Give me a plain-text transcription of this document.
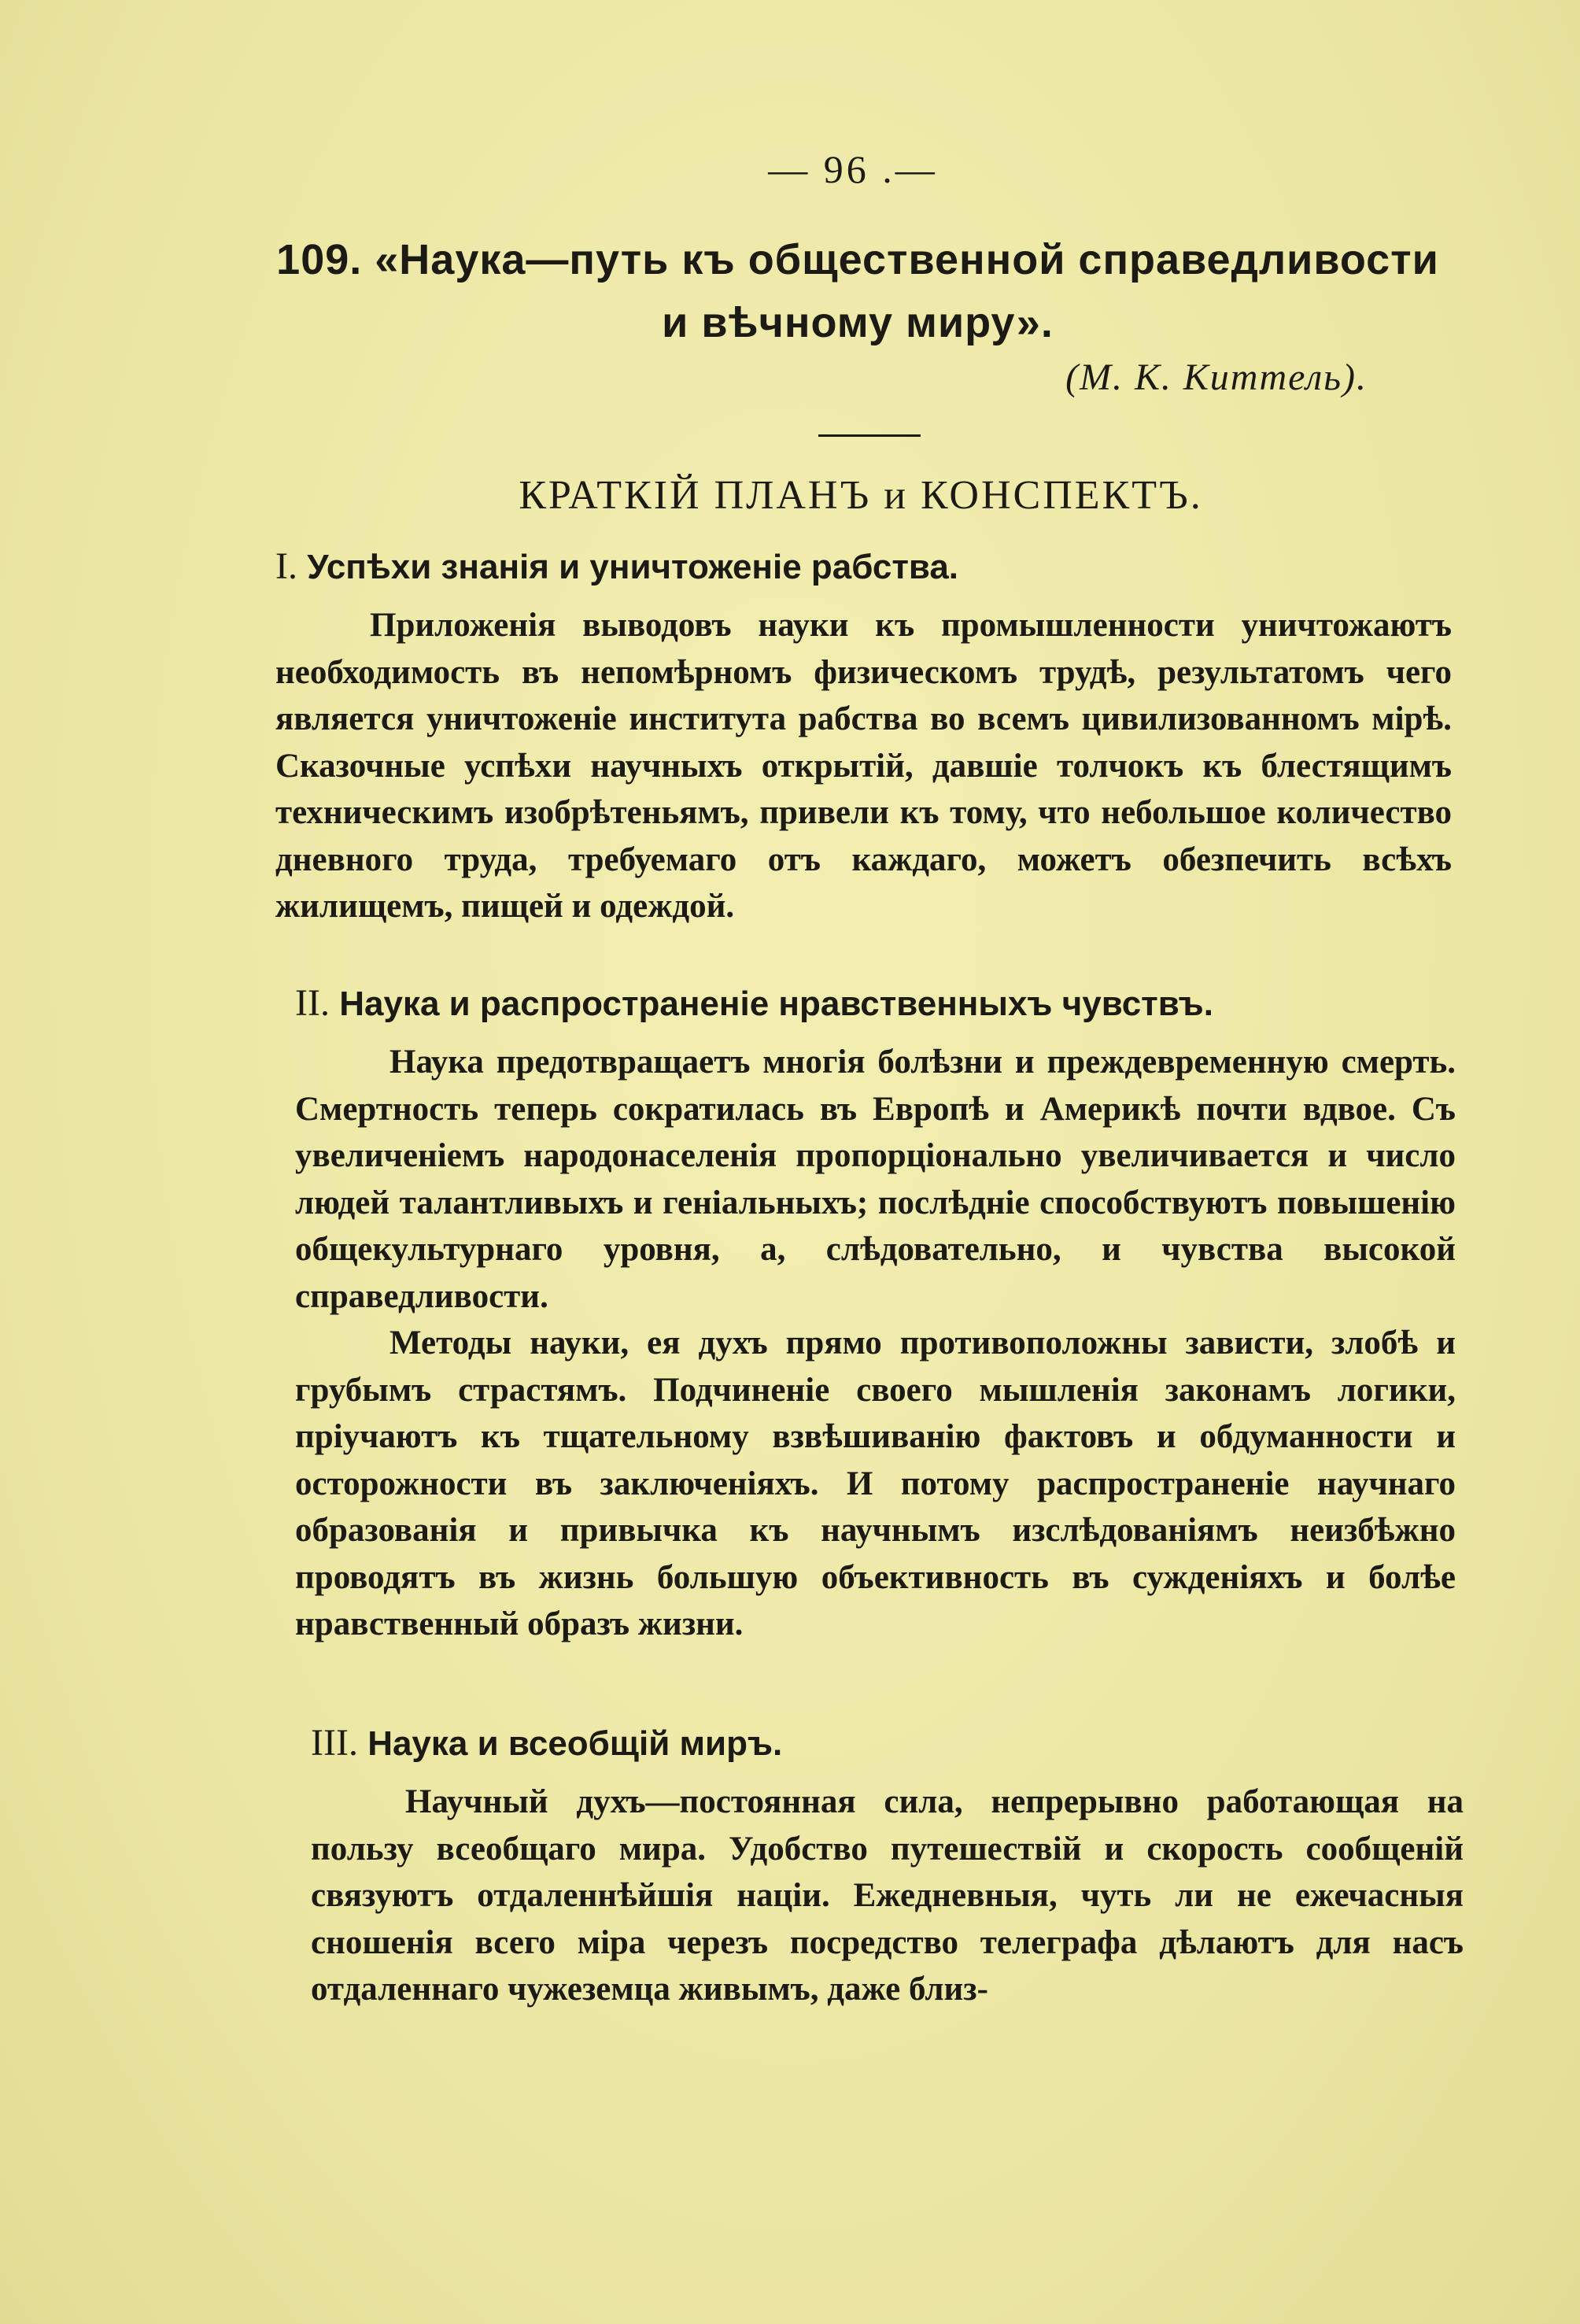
— 96 .—
109. «Наука—путь къ общественной справедливости и вѣчному миру».
(М. К. Киттель).
КРАТКІЙ ПЛАНЪ и КОНСПЕКТЪ.
I. Успѣхи знанія и уничтоженіе рабства.

Приложенія выводовъ науки къ промышленности уничтожаютъ необходимость въ непомѣрномъ физическомъ трудѣ, результатомъ чего является уничтоженіе института рабства во всемъ цивилизованномъ мірѣ. Сказочные успѣхи научныхъ открытій, давшіе толчокъ къ блестящимъ техническимъ изобрѣтеньямъ, привели къ тому, что небольшое количество дневного труда, требуемаго отъ каждаго, можетъ обезпечить всѣхъ жилищемъ, пищей и одеждой.

II. Наука и распространеніе нравственныхъ чувствъ.

Наука предотвращаетъ многія болѣзни и преждевременную смерть. Смертность теперь сократилась въ Европѣ и Америкѣ почти вдвое. Съ увеличеніемъ народонаселенія пропорціонально увеличивается и число людей талантливыхъ и геніальныхъ; послѣдніе способствуютъ повышенію общекультурнаго уровня, а, слѣдовательно, и чувства высокой справедливости.

Методы науки, ея духъ прямо противоположны зависти, злобѣ и грубымъ страстямъ. Подчиненіе своего мышленія законамъ логики, пріучаютъ къ тщательному взвѣшиванію фактовъ и обдуманности и осторожности въ заключеніяхъ. И потому распространеніе научнаго образованія и привычка къ научнымъ изслѣдованіямъ неизбѣжно проводятъ въ жизнь большую объективность въ сужденіяхъ и болѣе нравственный образъ жизни.

III. Наука и всеобщій миръ.

Научный духъ—постоянная сила, непрерывно работающая на пользу всеобщаго мира. Удобство путешествій и скорость сообщеній связуютъ отдаленнѣйшія націи. Ежедневныя, чуть ли не ежечасныя сношенія всего міра черезъ посредство телеграфа дѣлаютъ для насъ отдаленнаго чужеземца живымъ, даже близ-
